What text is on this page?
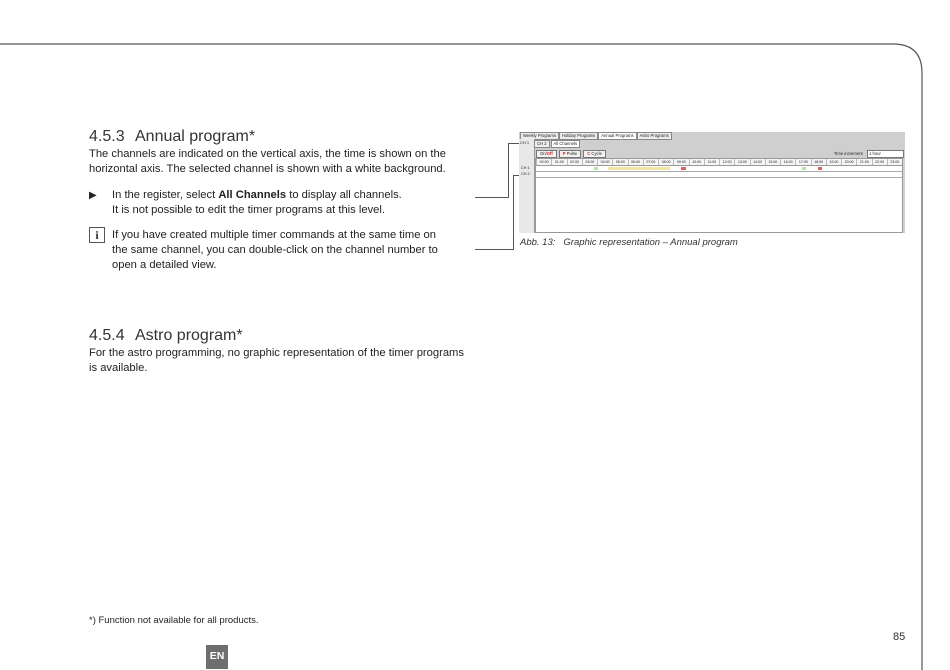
4.5.3 Annual program*

The channels are indicated on the vertical axis, the time is shown on the horizontal axis. The selected channel is shown with a white background.

▶ In the register, select All Channels to display all channels.
It is not possible to edit the timer programs at this level.
i	If you have created multiple timer commands at the same time on the same channel, you can double-click on the channel number to open a detailed view.

4.5.4 Astro program*

For the astro programming, no graphic representation of the timer programs is available.

Weekly Programs	Holiday Programs	Annual Programs	Astro Programs
CH 1	CH 2	All Channels
On/Off	P Pulse	C Cycle	Time increment	1 hour
00:00	01:00	02:00	03:00	04:00	05:00	06:00	07:00	08:00	09:00	10:00	11:00	12:00	13:00	14:00	15:00	16:00	17:00	18:00	19:00	20:00	21:00	22:00	23:00
CH 1
CH 2
Abb. 13: Graphic representation – Annual program
*) Function not available for all products.
85
EN
